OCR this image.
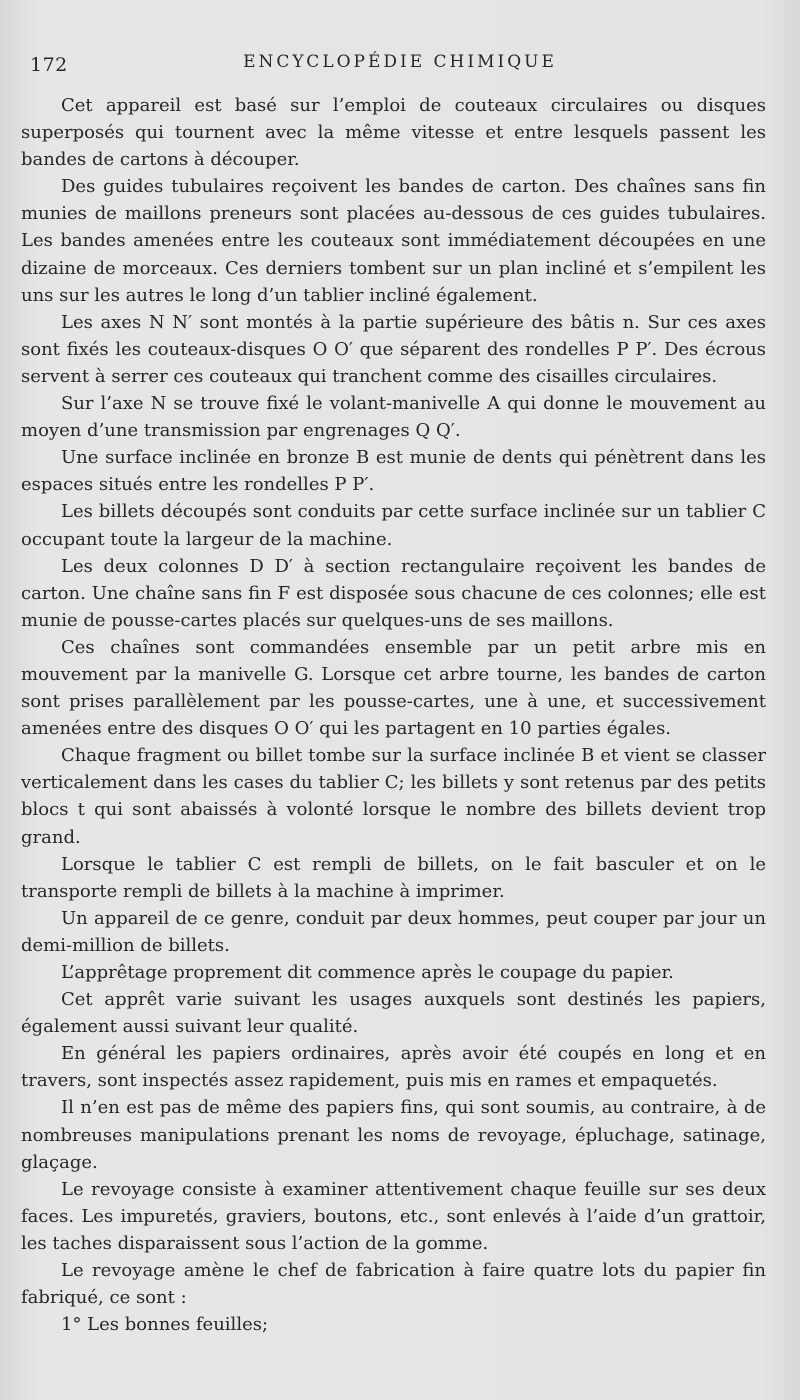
172	ENCYCLOPÉDIE CHIMIQUE

Cet appareil est basé sur l’emploi de couteaux circulaires ou disques superposés qui tournent avec la même vitesse et entre lesquels passent les bandes de cartons à découper.

Des guides tubulaires reçoivent les bandes de carton. Des chaînes sans fin munies de maillons preneurs sont placées au-dessous de ces guides tubulaires. Les bandes amenées entre les couteaux sont immédiatement découpées en une dizaine de morceaux. Ces derniers tombent sur un plan incliné et s’empilent les uns sur les autres le long d’un tablier incliné également.

Les axes N N′ sont montés à la partie supérieure des bâtis n. Sur ces axes sont fixés les couteaux-disques O O′ que séparent des rondelles P P′. Des écrous servent à serrer ces couteaux qui tranchent comme des cisailles circulaires.

Sur l’axe N se trouve fixé le volant-manivelle A qui donne le mouvement au moyen d’une transmission par engrenages Q Q′.

Une surface inclinée en bronze B est munie de dents qui pénètrent dans les espaces situés entre les rondelles P P′.

Les billets découpés sont conduits par cette surface inclinée sur un tablier C occupant toute la largeur de la machine.

Les deux colonnes D D′ à section rectangulaire reçoivent les bandes de carton. Une chaîne sans fin F est disposée sous chacune de ces colonnes; elle est munie de pousse-cartes placés sur quelques-uns de ses maillons.

Ces chaînes sont commandées ensemble par un petit arbre mis en mouvement par la manivelle G. Lorsque cet arbre tourne, les bandes de carton sont prises parallèlement par les pousse-cartes, une à une, et successivement amenées entre des disques O O′ qui les partagent en 10 parties égales.

Chaque fragment ou billet tombe sur la surface inclinée B et vient se classer verticalement dans les cases du tablier C; les billets y sont retenus par des petits blocs t qui sont abaissés à volonté lorsque le nombre des billets devient trop grand.

Lorsque le tablier C est rempli de billets, on le fait basculer et on le transporte rempli de billets à la machine à imprimer.

Un appareil de ce genre, conduit par deux hommes, peut couper par jour un demi-million de billets.

L’apprêtage proprement dit commence après le coupage du papier.

Cet apprêt varie suivant les usages auxquels sont destinés les papiers, également aussi suivant leur qualité.

En général les papiers ordinaires, après avoir été coupés en long et en travers, sont inspectés assez rapidement, puis mis en rames et empaquetés.

Il n’en est pas de même des papiers fins, qui sont soumis, au contraire, à de nombreuses manipulations prenant les noms de revoyage, épluchage, satinage, glaçage.

Le revoyage consiste à examiner attentivement chaque feuille sur ses deux faces. Les impuretés, graviers, boutons, etc., sont enlevés à l’aide d’un grattoir, les taches disparaissent sous l’action de la gomme.

Le revoyage amène le chef de fabrication à faire quatre lots du papier fin fabriqué, ce sont :

1° Les bonnes feuilles;
